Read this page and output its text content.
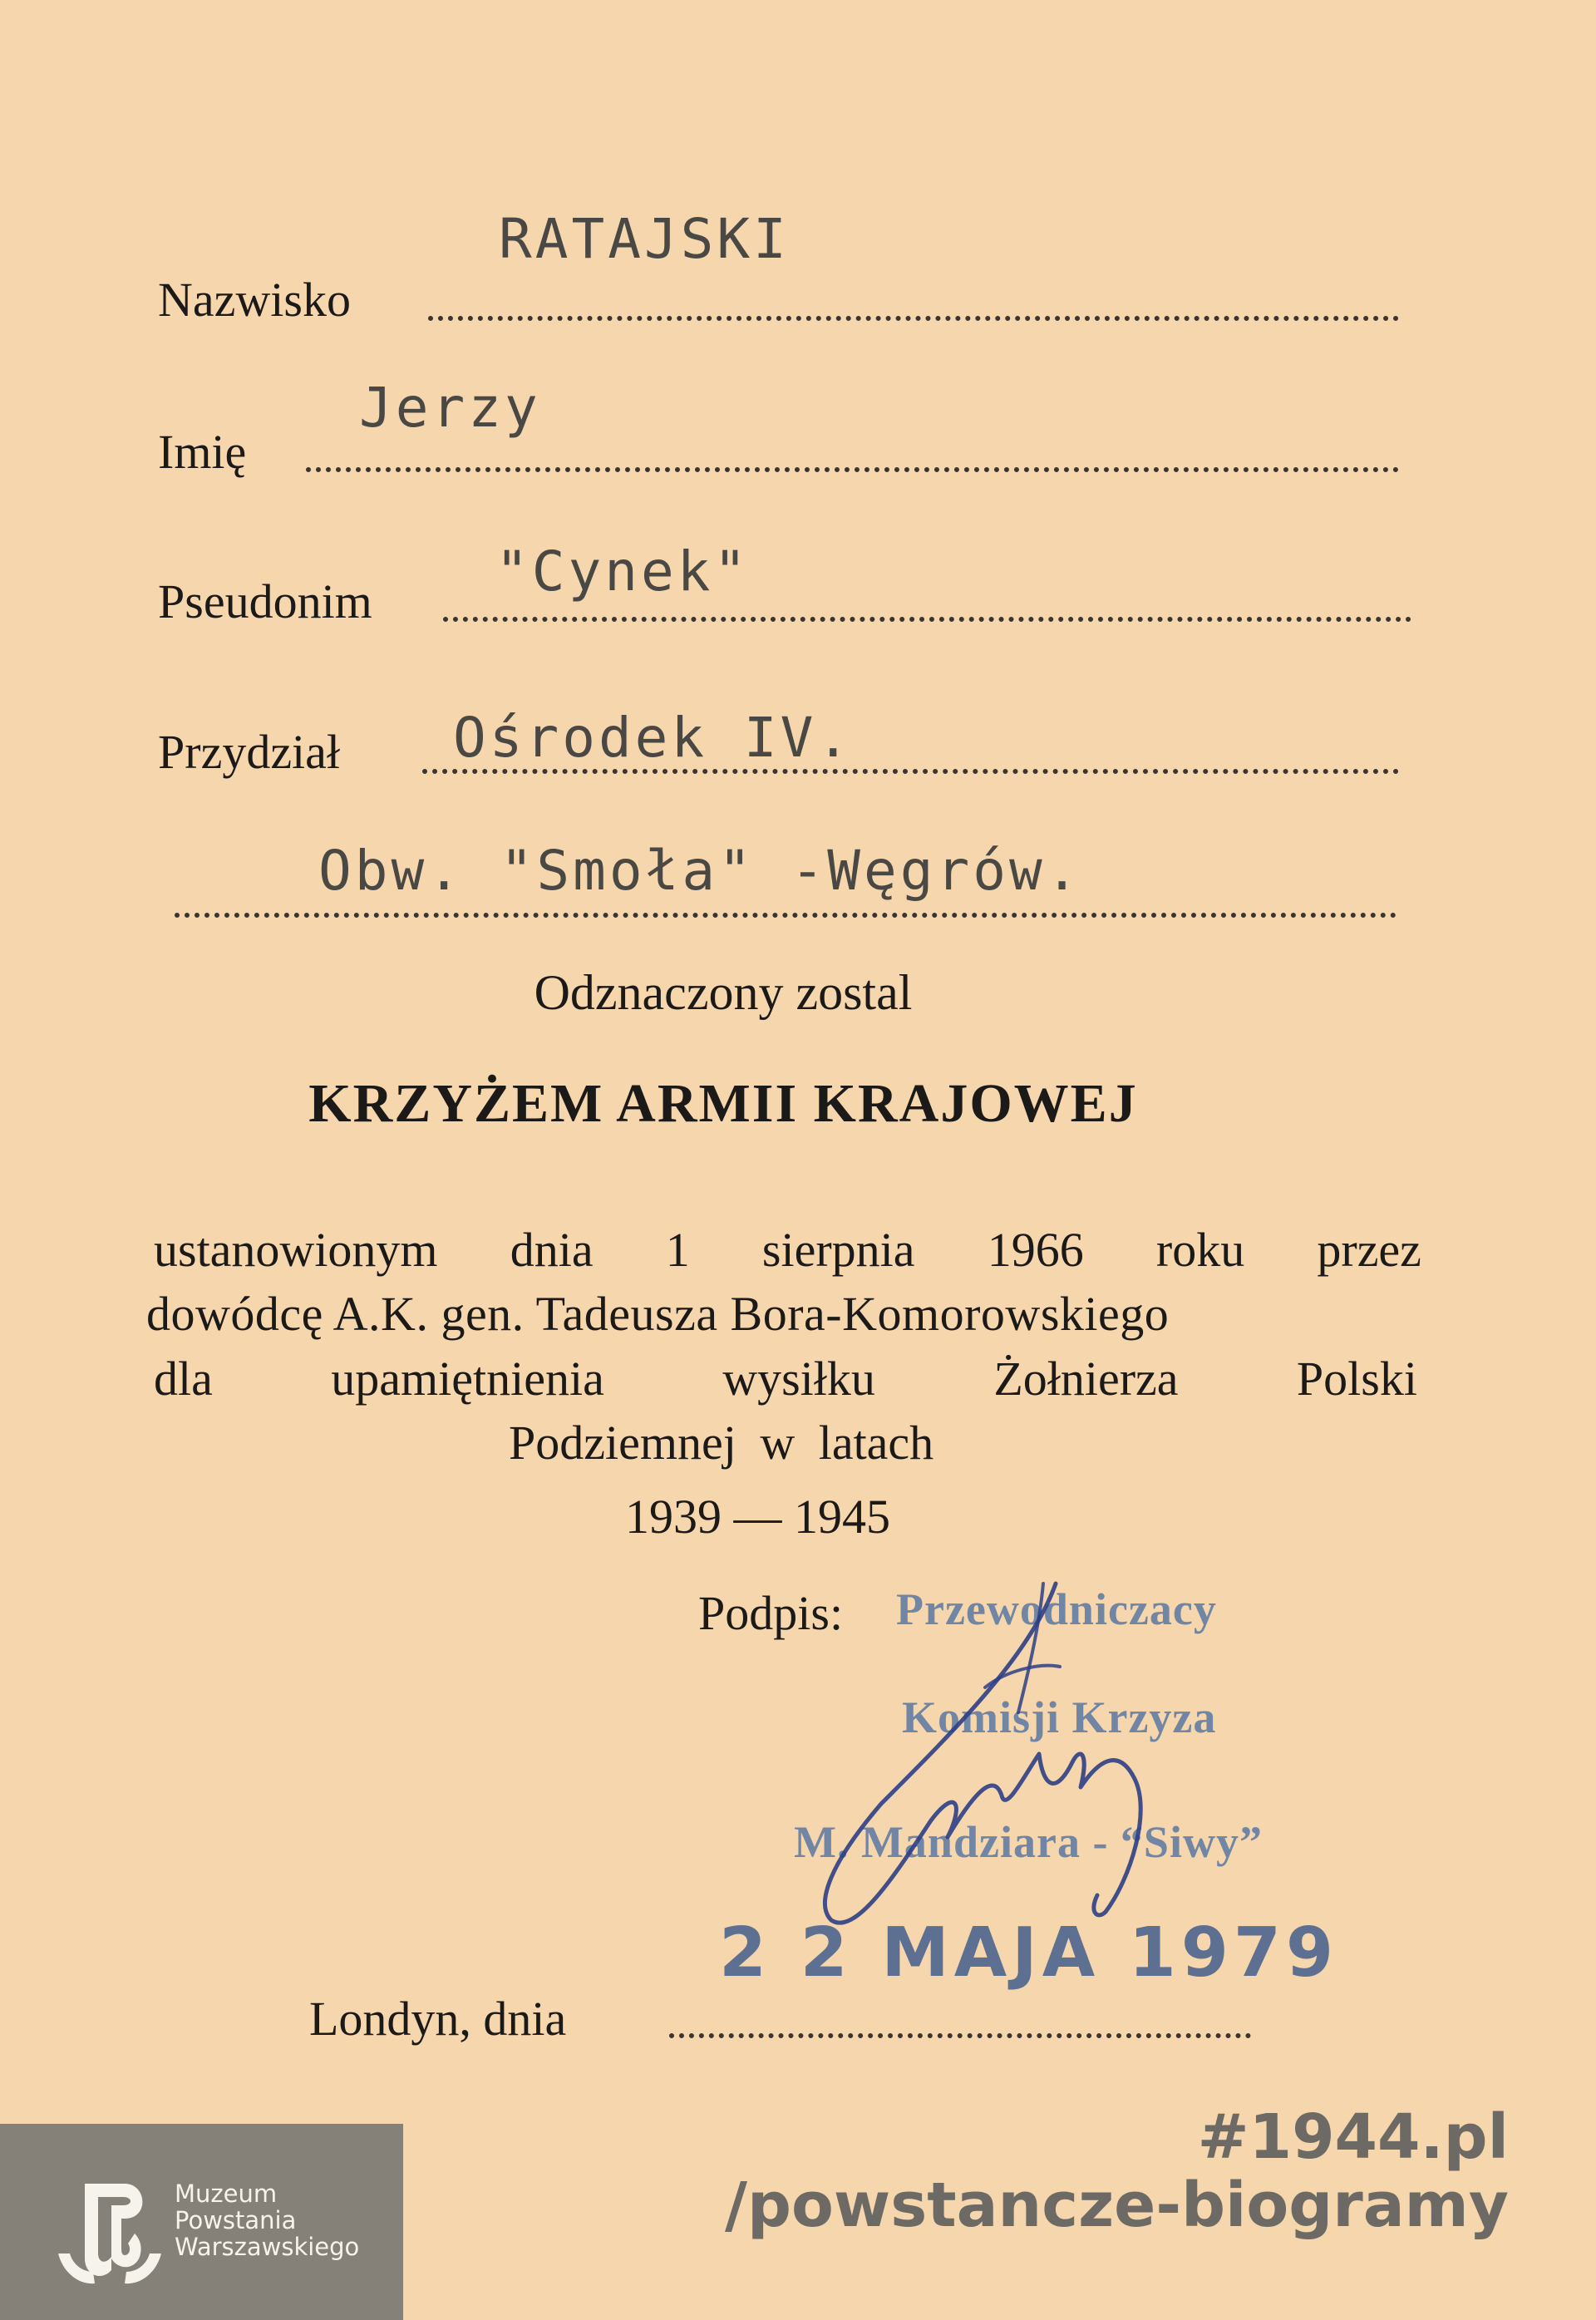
RATAJSKI
Nazwisko
Jerzy
Imię
"Cynek"
Pseudonim
Ośrodek IV.
Przydział
Obw. "Smoła" -Węgrów.
Odznaczony zostal
KRZYŻEM ARMII KRAJOWEJ
ustanowionym dnia 1 sierpnia 1966 roku przez
dowódcę A.K. gen. Tadeusza Bora-Komorowskiego
dla upamiętnienia wysiłku Żołnierza Polski
Podziemnej w latach
1939 — 1945
Podpis: Przewodniczacy
Komisji Krzyza
M. Mandziara - “Siwy”
2 2 MAJA 1979
Londyn, dnia
Muzeum
Powstania
Warszawskiego
#1944.pl
/powstancze-biogramy
